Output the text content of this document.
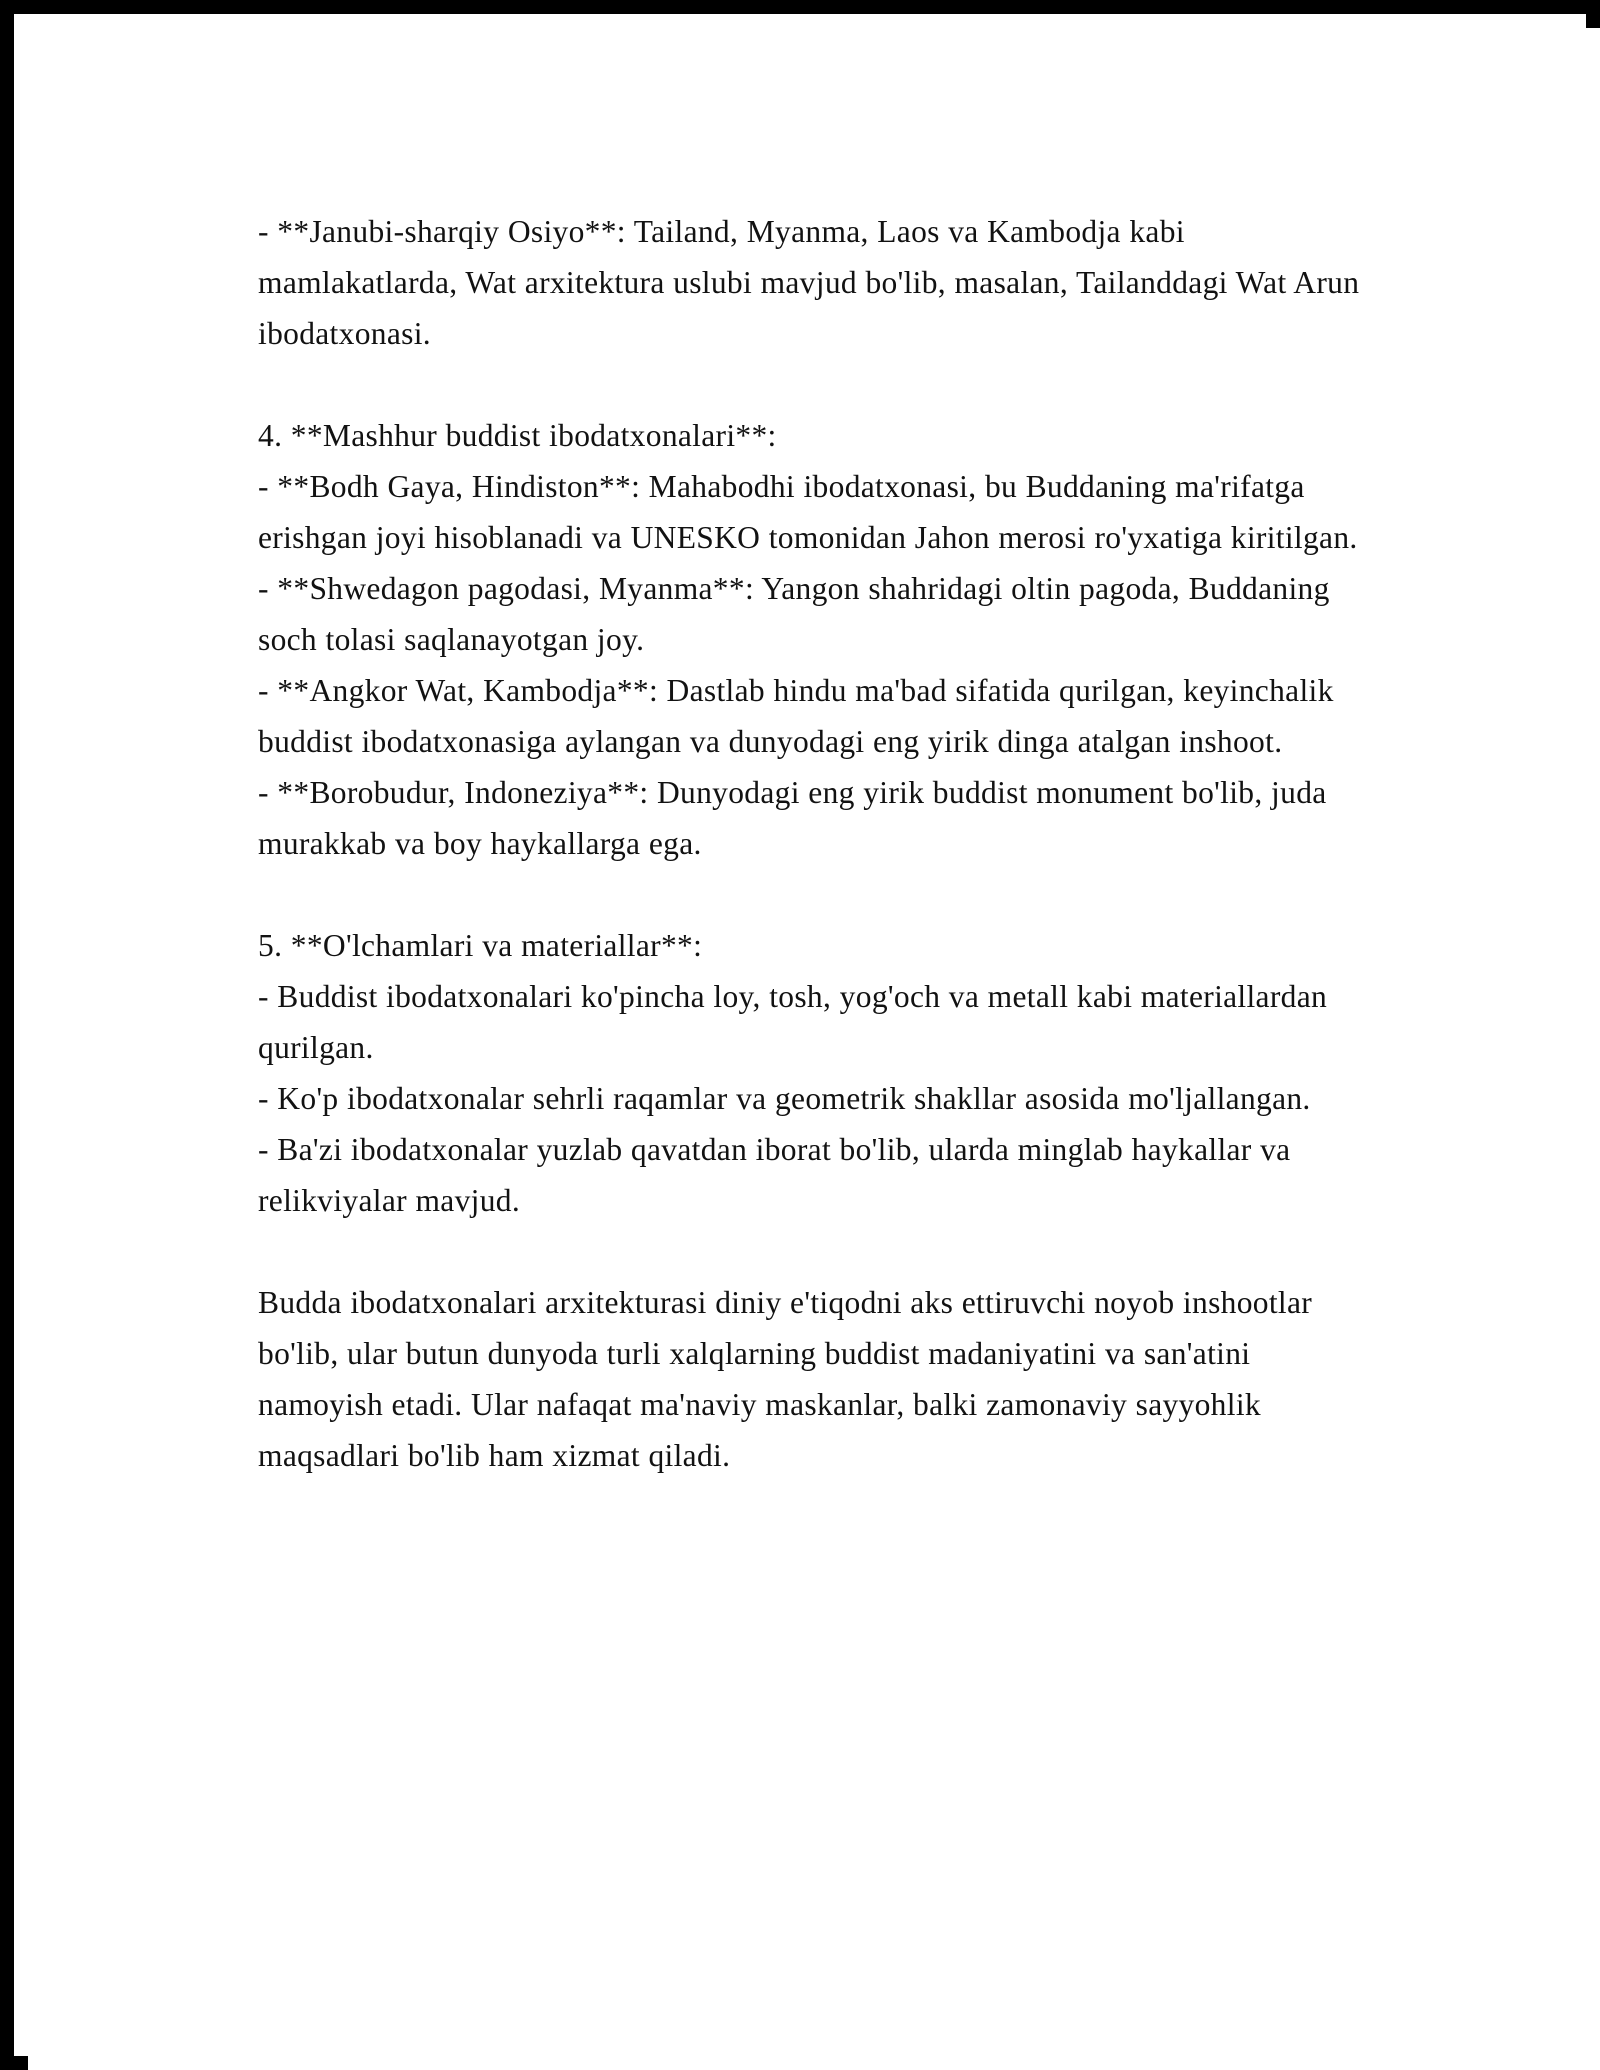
- **Janubi-sharqiy Osiyo**: Tailand, Myanma, Laos va Kambodja kabi mamlakatlarda, Wat arxitektura uslubi mavjud bo'lib, masalan, Tailanddagi Wat Arun ibodatxonasi.

4. **Mashhur buddist ibodatxonalari**:

- **Bodh Gaya, Hindiston**: Mahabodhi ibodatxonasi, bu Buddaning ma'rifatga erishgan joyi hisoblanadi va UNESKO tomonidan Jahon merosi ro'yxatiga kiritilgan.

- **Shwedagon pagodasi, Myanma**: Yangon shahridagi oltin pagoda, Buddaning soch tolasi saqlanayotgan joy.

- **Angkor Wat, Kambodja**: Dastlab hindu ma'bad sifatida qurilgan, keyinchalik buddist ibodatxonasiga aylangan va dunyodagi eng yirik dinga atalgan inshoot.

- **Borobudur, Indoneziya**: Dunyodagi eng yirik buddist monument bo'lib, juda murakkab va boy haykallarga ega.

5. **O'lchamlari va materiallar**:

- Buddist ibodatxonalari ko'pincha loy, tosh, yog'och va metall kabi materiallardan qurilgan.

- Ko'p ibodatxonalar sehrli raqamlar va geometrik shakllar asosida mo'ljallangan.

- Ba'zi ibodatxonalar yuzlab qavatdan iborat bo'lib, ularda minglab haykallar va relikviyalar mavjud.

Budda ibodatxonalari arxitekturasi diniy e'tiqodni aks ettiruvchi noyob inshootlar bo'lib, ular butun dunyoda turli xalqlarning buddist madaniyatini va san'atini namoyish etadi. Ular nafaqat ma'naviy maskanlar, balki zamonaviy sayyohlik maqsadlari bo'lib ham xizmat qiladi.
